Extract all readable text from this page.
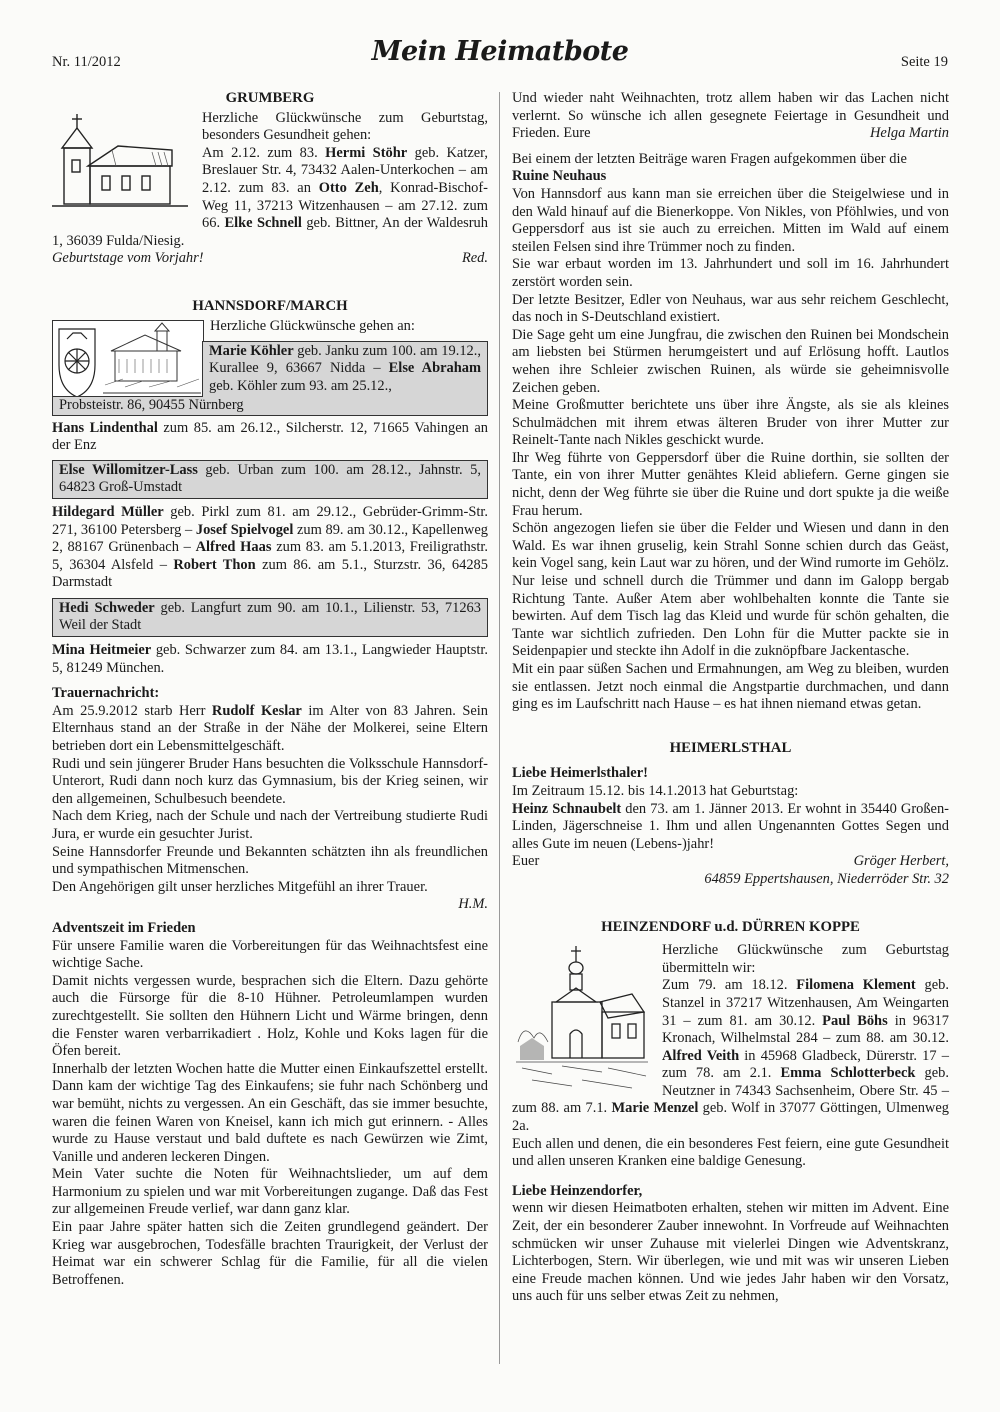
Nr. 11/2012	Mein Heimatbote	Seite 19
GRUMBERG

Herzliche Glückwünsche zum Geburtstag, besonders Gesundheit gehen:

Am 2.12. zum 83. Hermi Stöhr geb. Katzer, Breslauer Str. 4, 73432 Aalen-Unterkochen – am 2.12. zum 83. an Otto Zeh, Konrad-Bischof-Weg 11, 37213 Witzenhausen – am 27.12. zum 66. Elke Schnell geb. Bittner, An der Waldesruh 1, 36039 Fulda/Niesig.

Geburtstage vom Vorjahr!	Red.
HANNSDORF/MARCH
Herzliche Glückwünsche gehen an:

Marie Köhler geb. Janku zum 100. am 19.12., Kurallee 9, 63667 Nidda – Else Abraham geb. Köhler zum 93. am 25.12.,

Probsteistr. 86, 90455 Nürnberg

Hans Lindenthal zum 85. am 26.12., Silcherstr. 12, 71665 Vahingen an der Enz

Else Willomitzer-Lass geb. Urban zum 100. am 28.12., Jahnstr. 5, 64823 Groß-Umstadt

Hildegard Müller geb. Pirkl zum 81. am 29.12., Gebrüder-Grimm-Str. 271, 36100 Petersberg – Josef Spielvogel zum 89. am 30.12., Kapellenweg 2, 88167 Grünenbach – Alfred Haas zum 83. am 5.1.2013, Freiligrathstr. 5, 36304 Alsfeld – Robert Thon zum 86. am 5.1., Sturzstr. 36, 64285 Darmstadt

Hedi Schweder geb. Langfurt zum 90. am 10.1., Lilienstr. 53, 71263 Weil der Stadt

Mina Heitmeier geb. Schwarzer zum 84. am 13.1., Langwieder Hauptstr. 5, 81249 München.

Trauernachricht:

Am 25.9.2012 starb Herr Rudolf Keslar im Alter von 83 Jahren. Sein Elternhaus stand an der Straße in der Nähe der Molkerei, seine Eltern betrieben dort ein Lebensmittelgeschäft.

Rudi und sein jüngerer Bruder Hans besuchten die Volksschule Hannsdorf-Unterort, Rudi dann noch kurz das Gymnasium, bis der Krieg seinen, wir den allgemeinen, Schulbesuch beendete.

Nach dem Krieg, nach der Schule und nach der Vertreibung studierte Rudi Jura, er wurde ein gesuchter Jurist.

Seine Hannsdorfer Freunde und Bekannten schätzten ihn als freundlichen und sympathischen Mitmenschen.

Den Angehörigen gilt unser herzliches Mitgefühl an ihrer Trauer.

H.M.
Adventszeit im Frieden

Für unsere Familie waren die Vorbereitungen für das Weihnachtsfest eine wichtige Sache.

Damit nichts vergessen wurde, besprachen sich die Eltern. Dazu gehörte auch die Fürsorge für die 8-10 Hühner. Petroleumlampen wurden zurechtgestellt. Sie sollten den Hühnern Licht und Wärme bringen, denn die Fenster waren verbarrikadiert . Holz, Kohle und Koks lagen für die Öfen bereit.

Innerhalb der letzten Wochen hatte die Mutter einen Einkaufszettel erstellt. Dann kam der wichtige Tag des Einkaufens; sie fuhr nach Schönberg und war bemüht, nichts zu vergessen. An ein Geschäft, das sie immer besuchte, waren die feinen Waren von Kneisel, kann ich mich gut erinnern. - Alles wurde zu Hause verstaut und bald duftete es nach Gewürzen wie Zimt, Vanille und anderen leckeren Dingen.

Mein Vater suchte die Noten für Weihnachtslieder, um auf dem Harmonium zu spielen und war mit Vorbereitungen zugange. Daß das Fest zur allgemeinen Freude verlief, war dann ganz klar.

Ein paar Jahre später hatten sich die Zeiten grundlegend geändert. Der Krieg war ausgebrochen, Todesfälle brachten Traurigkeit, der Verlust der Heimat war ein schwerer Schlag für die Familie, für all die vielen Betroffenen.

Und wieder naht Weihnachten, trotz allem haben wir das Lachen nicht verlernt. So wünsche ich allen gesegnete Feiertage in Gesundheit und Frieden. Eure	Helga Martin

Bei einem der letzten Beiträge waren Fragen aufgekommen über die

Ruine Neuhaus

Von Hannsdorf aus kann man sie erreichen über die Steigelwiese und in den Wald hinauf auf die Bienerkoppe. Von Nikles, von Pföhlwies, und von Geppersdorf aus ist sie auch zu erreichen. Mitten im Wald auf einem steilen Felsen sind ihre Trümmer noch zu finden.

Sie war erbaut worden im 13. Jahrhundert und soll im 16. Jahrhundert zerstört worden sein.

Der letzte Besitzer, Edler von Neuhaus, war aus sehr reichem Geschlecht, das noch in S-Deutschland existiert.

Die Sage geht um eine Jungfrau, die zwischen den Ruinen bei Mondschein am liebsten bei Stürmen herumgeistert und auf Erlösung hofft. Lautlos wehen ihre Schleier zwischen Ruinen, als würde sie geheimnisvolle Zeichen geben.

Meine Großmutter berichtete uns über ihre Ängste, als sie als kleines Schulmädchen mit ihrem etwas älteren Bruder von ihrer Mutter zur Reinelt-Tante nach Nikles geschickt wurde.

Ihr Weg führte von Geppersdorf über die Ruine dorthin, sie sollten der Tante, ein von ihrer Mutter genähtes Kleid abliefern. Gerne gingen sie nicht, denn der Weg führte sie über die Ruine und dort spukte ja die weiße Frau herum.

Schön angezogen liefen sie über die Felder und Wiesen und dann in den Wald. Es war ihnen gruselig, kein Strahl Sonne schien durch das Geäst, kein Vogel sang, kein Laut war zu hören, und der Wind rumorte im Gehölz. Nur leise und schnell durch die Trümmer und dann im Galopp bergab Richtung Tante. Außer Atem aber wohlbehalten konnte die Tante sie bewirten. Auf dem Tisch lag das Kleid und wurde für schön gehalten, die Tante war sichtlich zufrieden. Den Lohn für die Mutter packte sie in Seidenpapier und steckte ihn Adolf in die zuknöpfbare Jackentasche.

Mit ein paar süßen Sachen und Ermahnungen, am Weg zu bleiben, wurden sie entlassen. Jetzt noch einmal die Angstpartie durchmachen, und dann ging es im Laufschritt nach Hause – es hat ihnen niemand etwas getan.

HEIMERLSTHAL
Liebe Heimerlsthaler!

Im Zeitraum 15.12. bis 14.1.2013 hat Geburtstag:

Heinz Schnaubelt den 73. am 1. Jänner 2013. Er wohnt in 35440 Großen-Linden, Jägerschneise 1. Ihm und allen Ungenannten Gottes Segen und alles Gute im neuen (Lebens-)jahr!

Euer	Gröger Herbert,
64859 Eppertshausen, Niederröder Str. 32
HEINZENDORF u.d. DÜRREN KOPPE

Herzliche Glückwünsche zum Geburtstag übermitteln wir:

Zum 79. am 18.12. Filomena Klement geb. Stanzel in 37217 Witzenhausen, Am Weingarten 31 – zum 81. am 30.12. Paul Böhs in 96317 Kronach, Wilhelmstal 284 – zum 88. am 30.12. Alfred Veith in 45968 Gladbeck, Dürerstr. 17 – zum 78. am 2.1. Emma Schlotterbeck geb. Neutzner in 74343 Sachsenheim, Obere Str. 45 – zum 88. am 7.1. Marie Menzel geb. Wolf in 37077 Göttingen, Ulmenweg 2a.

Euch allen und denen, die ein besonderes Fest feiern, eine gute Gesundheit und allen unseren Kranken eine baldige Genesung.

Liebe Heinzendorfer,

wenn wir diesen Heimatboten erhalten, stehen wir mitten im Advent. Eine Zeit, der ein besonderer Zauber innewohnt. In Vorfreude auf Weihnachten schmücken wir unser Zuhause mit vielerlei Dingen wie Adventskranz, Lichterbogen, Stern. Wir überlegen, wie und mit was wir unseren Lieben eine Freude machen können. Und wie jedes Jahr haben wir den Vorsatz, uns auch für uns selber etwas Zeit zu nehmen,
